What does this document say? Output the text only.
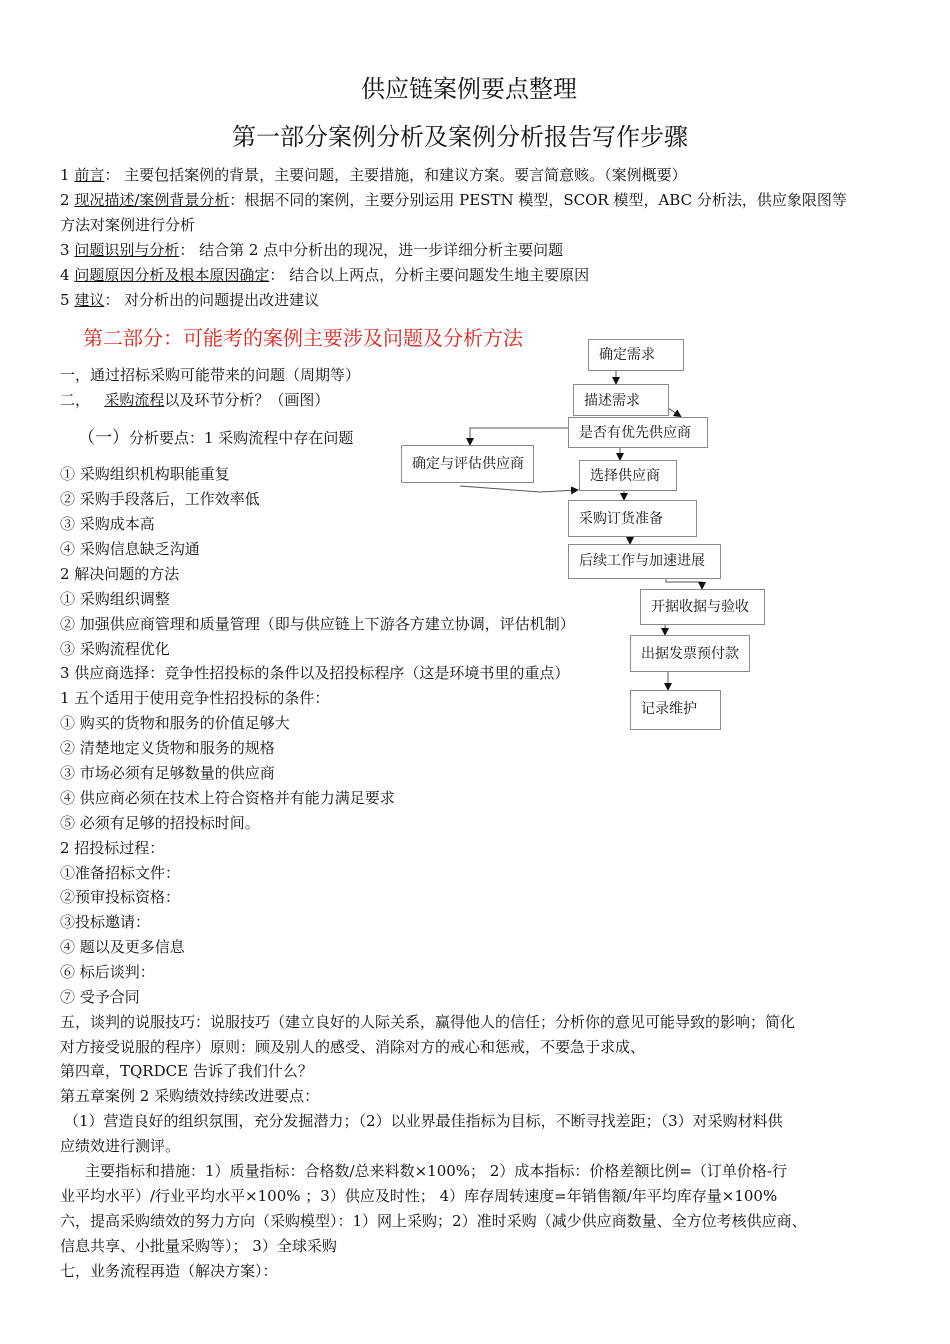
供应链案例要点整理
第一部分案例分析及案例分析报告写作步骤
1 前言： 主要包括案例的背景，主要问题，主要措施，和建议方案。要言简意赅。（案例概要）
2 现况描述/案例背景分析：根据不同的案例，主要分别运用 PESTN 模型，SCOR 模型，ABC 分析法，供应象限图等
方法对案例进行分析
3 问题识别与分析： 结合第 2 点中分析出的现况，进一步详细分析主要问题
4 问题原因分析及根本原因确定： 结合以上两点，分析主要问题发生地主要原因
5 建议： 对分析出的问题提出改进建议
第二部分：可能考的案例主要涉及问题及分析方法
一，通过招标采购可能带来的问题（周期等）
二，   采购流程以及环节分析？（画图）
（一）分析要点：1 采购流程中存在问题
① 采购组织机构职能重复
② 采购手段落后，工作效率低
③ 采购成本高
④ 采购信息缺乏沟通
2 解决问题的方法
① 采购组织调整
② 加强供应商管理和质量管理（即与供应链上下游各方建立协调，评估机制）
③ 采购流程优化
3 供应商选择：竞争性招投标的条件以及招投标程序（这是环境书里的重点）
1 五个适用于使用竞争性招投标的条件：
① 购买的货物和服务的价值足够大
② 清楚地定义货物和服务的规格
③ 市场必须有足够数量的供应商
④ 供应商必须在技术上符合资格并有能力满足要求
⑤ 必须有足够的招投标时间。
2 招投标过程：
①准备招标文件：
②预审投标资格：
③投标邀请：
④ 题以及更多信息
⑥ 标后谈判：
⑦ 受予合同
五，谈判的说服技巧：说服技巧（建立良好的人际关系，赢得他人的信任；分析你的意见可能导致的影响；简化
对方接受说服的程序）原则：顾及别人的感受、消除对方的戒心和惩戒，不要急于求成、
第四章，TQRDCE 告诉了我们什么？
第五章案例 2 采购绩效持续改进要点：
（1）营造良好的组织氛围，充分发掘潜力；（2）以业界最佳指标为目标，不断寻找差距；（3）对采购材料供
应绩效进行测评。
主要指标和措施：1）质量指标：合格数/总来料数×100%； 2）成本指标：价格差额比例=（订单价格-行
业平均水平）/行业平均水平×100% ；3）供应及时性； 4）库存周转速度=年销售额/年平均库存量×100%
六，提高采购绩效的努力方向（采购模型）：1）网上采购；2）准时采购（减少供应商数量、全方位考核供应商、
信息共享、小批量采购等）； 3）全球采购
七，业务流程再造（解决方案）：
确定需求
描述需求
是否有优先供应商
确定与评估供应商
选择供应商
采购订货准备
后续工作与加速进展
开据收据与验收
出据发票预付款
记录维护
